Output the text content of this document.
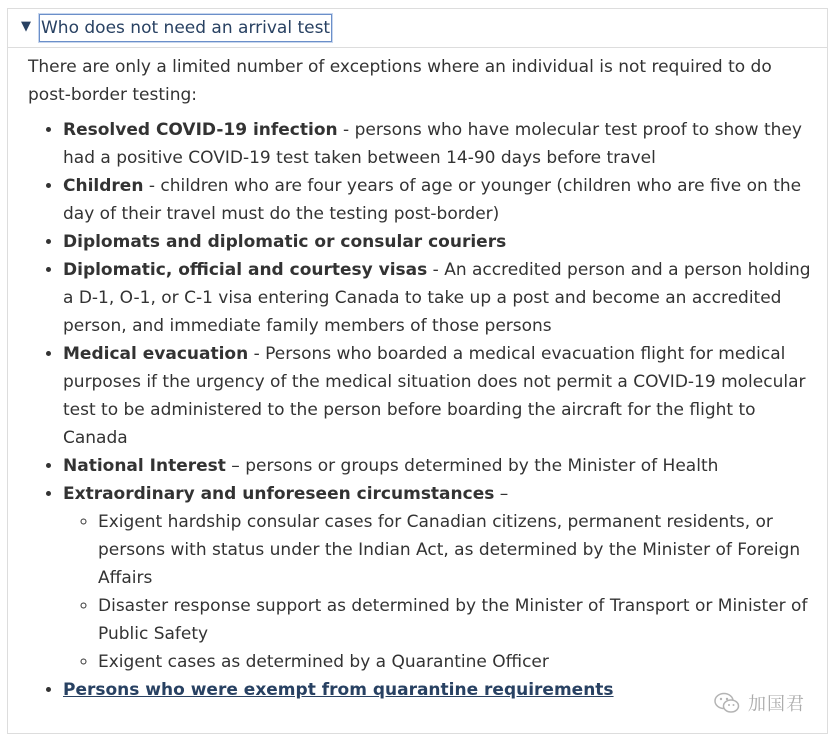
▼ Who does not need an arrival test

There are only a limited number of exceptions where an individual is not required to do post-border testing:

• Resolved COVID-19 infection - persons who have molecular test proof to show they had a positive COVID-19 test taken between 14-90 days before travel
• Children - children who are four years of age or younger (children who are five on the day of their travel must do the testing post-border)
• Diplomats and diplomatic or consular couriers
• Diplomatic, official and courtesy visas - An accredited person and a person holding a D-1, O-1, or C-1 visa entering Canada to take up a post and become an accredited person, and immediate family members of those persons
• Medical evacuation - Persons who boarded a medical evacuation flight for medical purposes if the urgency of the medical situation does not permit a COVID-19 molecular test to be administered to the person before boarding the aircraft for the flight to Canada
• National Interest – persons or groups determined by the Minister of Health
• Extraordinary and unforeseen circumstances –
◦ Exigent hardship consular cases for Canadian citizens, permanent residents, or persons with status under the Indian Act, as determined by the Minister of Foreign Affairs
◦ Disaster response support as determined by the Minister of Transport or Minister of Public Safety
◦ Exigent cases as determined by a Quarantine Officer
• Persons who were exempt from quarantine requirements
加国君
